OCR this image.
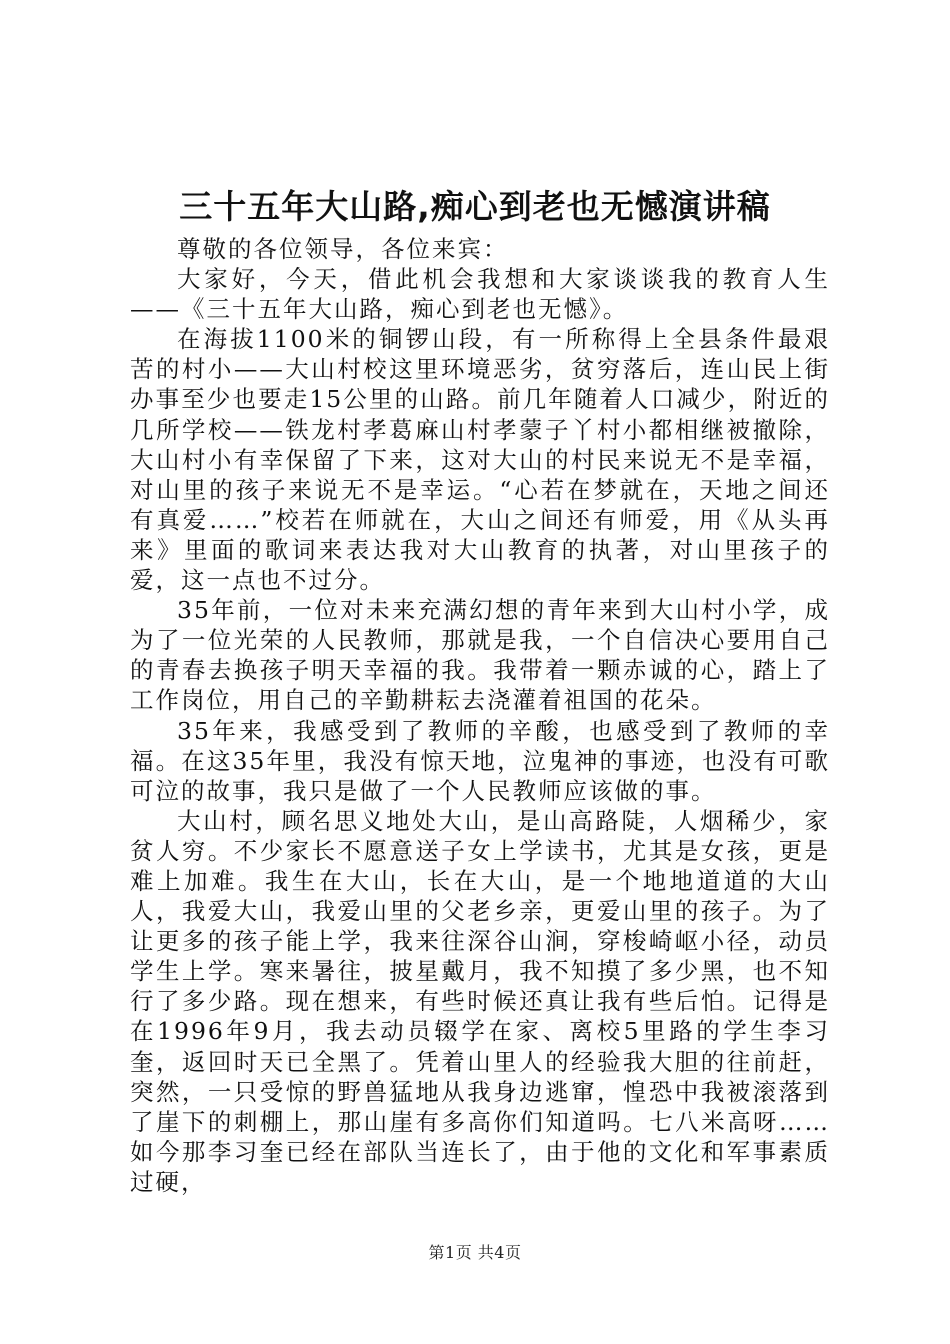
三十五年大山路,痴心到老也无憾演讲稿

尊敬的各位领导，各位来宾：

大家好，今天，借此机会我想和大家谈谈我的教育人生——《三十五年大山路，痴心到老也无憾》。

在海拔1100米的铜锣山段，有一所称得上全县条件最艰苦的村小——大山村校这里环境恶劣，贫穷落后，连山民上街办事至少也要走15公里的山路。前几年随着人口减少，附近的几所学校——铁龙村孝葛麻山村孝蒙子丫村小都相继被撤除，大山村小有幸保留了下来，这对大山的村民来说无不是幸福，对山里的孩子来说无不是幸运。“心若在梦就在，天地之间还有真爱……”校若在师就在，大山之间还有师爱，用《从头再来》里面的歌词来表达我对大山教育的执著，对山里孩子的爱，这一点也不过分。

35年前，一位对未来充满幻想的青年来到大山村小学，成为了一位光荣的人民教师，那就是我，一个自信决心要用自己的青春去换孩子明天幸福的我。我带着一颗赤诚的心，踏上了工作岗位，用自己的辛勤耕耘去浇灌着祖国的花朵。

35年来，我感受到了教师的辛酸，也感受到了教师的幸福。在这35年里，我没有惊天地，泣鬼神的事迹，也没有可歌可泣的故事，我只是做了一个人民教师应该做的事。

大山村，顾名思义地处大山，是山高路陡，人烟稀少，家贫人穷。不少家长不愿意送子女上学读书，尤其是女孩，更是难上加难。我生在大山，长在大山，是一个地地道道的大山人，我爱大山，我爱山里的父老乡亲，更爱山里的孩子。为了让更多的孩子能上学，我来往深谷山涧，穿梭崎岖小径，动员学生上学。寒来暑往，披星戴月，我不知摸了多少黑，也不知行了多少路。现在想来，有些时候还真让我有些后怕。记得是在1996年9月，我去动员辍学在家、离校5里路的学生李习奎，返回时天已全黑了。凭着山里人的经验我大胆的往前赶，突然，一只受惊的野兽猛地从我身边逃窜，惶恐中我被滚落到了崖下的刺棚上，那山崖有多高你们知道吗。七八米高呀……如今那李习奎已经在部队当连长了，由于他的文化和军事素质过硬，

第1页 共4页
